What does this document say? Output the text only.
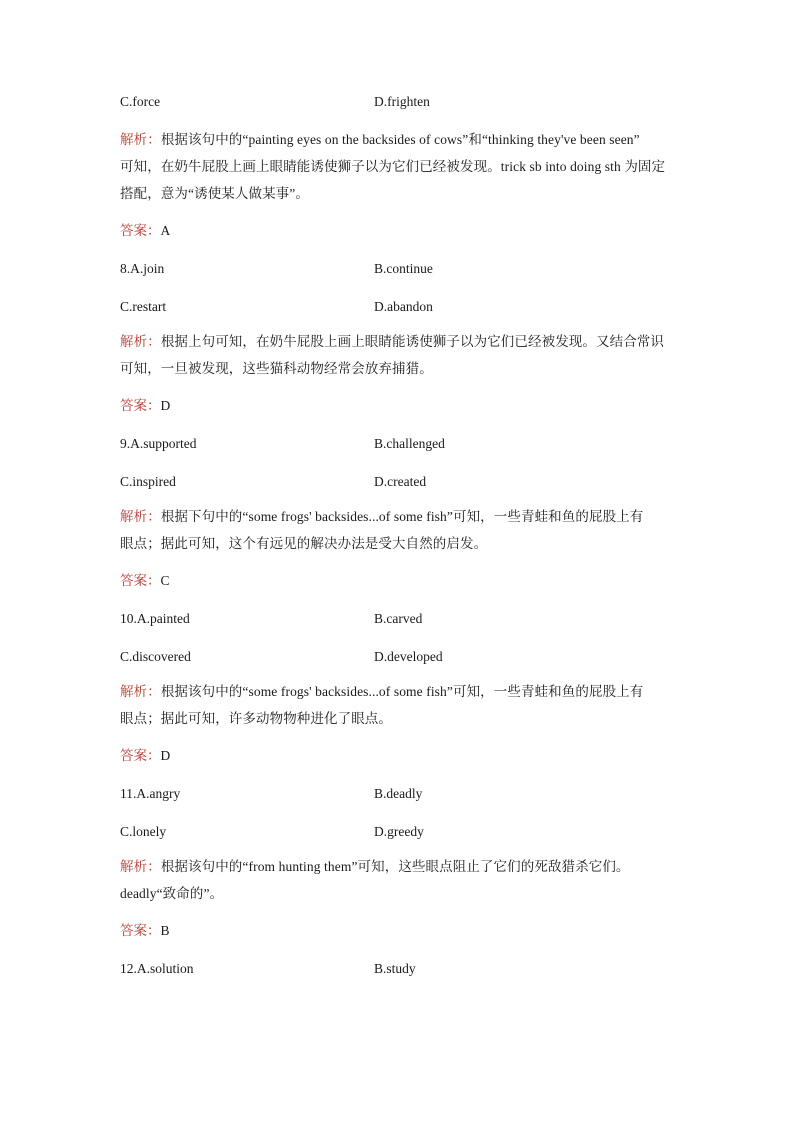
C.force	D.frighten

解析：根据该句中的“painting eyes on the backsides of cows”和“thinking they've been seen”
可知，在奶牛屁股上画上眼睛能诱使狮子以为它们已经被发现。trick sb into doing sth 为固定
搭配，意为“诱使某人做某事”。

答案：A
8.A.join	B.continue
C.restart	D.abandon

解析：根据上句可知，在奶牛屁股上画上眼睛能诱使狮子以为它们已经被发现。又结合常识
可知，一旦被发现，这些猫科动物经常会放弃捕猎。

答案：D
9.A.supported	B.challenged
C.inspired	D.created

解析：根据下句中的“some frogs' backsides...of some fish”可知，一些青蛙和鱼的屁股上有
眼点；据此可知，这个有远见的解决办法是受大自然的启发。

答案：C
10.A.painted	B.carved
C.discovered	D.developed

解析：根据该句中的“some frogs' backsides...of some fish”可知，一些青蛙和鱼的屁股上有
眼点；据此可知，许多动物物种进化了眼点。

答案：D
11.A.angry	B.deadly
C.lonely	D.greedy

解析：根据该句中的“from hunting them”可知，这些眼点阻止了它们的死敌猎杀它们。
deadly“致命的”。

答案：B
12.A.solution	B.study
